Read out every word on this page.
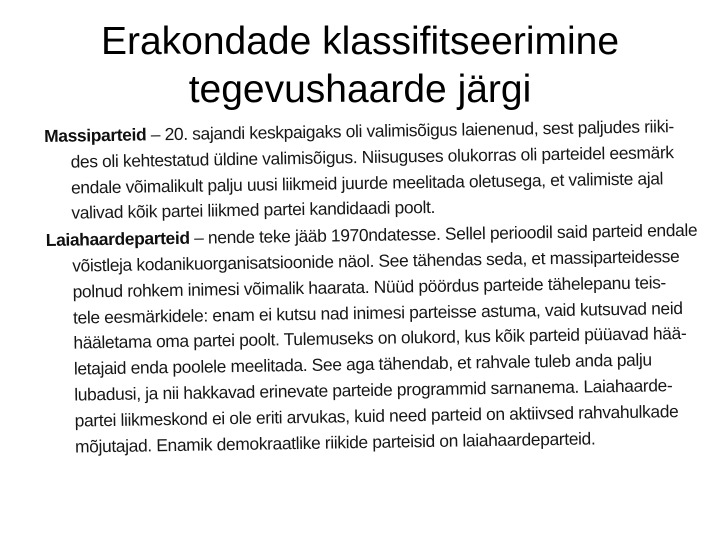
Erakondade klassifitseerimine
tegevushaarde järgi
Massiparteid – 20. sajandi keskpaigaks oli valimisõigus laienenud, sest paljudes riiki-
des oli kehtestatud üldine valimisõigus. Niisuguses olukorras oli parteidel eesmärk
endale võimalikult palju uusi liikmeid juurde meelitada oletusega, et valimiste ajal
valivad kõik partei liikmed partei kandidaadi poolt.
Laiahaardeparteid – nende teke jääb 1970ndatesse. Sellel perioodil said parteid endale
võistleja kodanikuorganisatsioonide näol. See tähendas seda, et massiparteidesse
polnud rohkem inimesi võimalik haarata. Nüüd pöördus parteide tähelepanu teis-
tele eesmärkidele: enam ei kutsu nad inimesi parteisse astuma, vaid kutsuvad neid
hääletama oma partei poolt. Tulemuseks on olukord, kus kõik parteid püüavad hää-
letajaid enda poolele meelitada. See aga tähendab, et rahvale tuleb anda palju
lubadusi, ja nii hakkavad erinevate parteide programmid sarnanema. Laiahaarde-
partei liikmeskond ei ole eriti arvukas, kuid need parteid on aktiivsed rahvahulkade
mõjutajad. Enamik demokraatlike riikide parteisid on laiahaardeparteid.
